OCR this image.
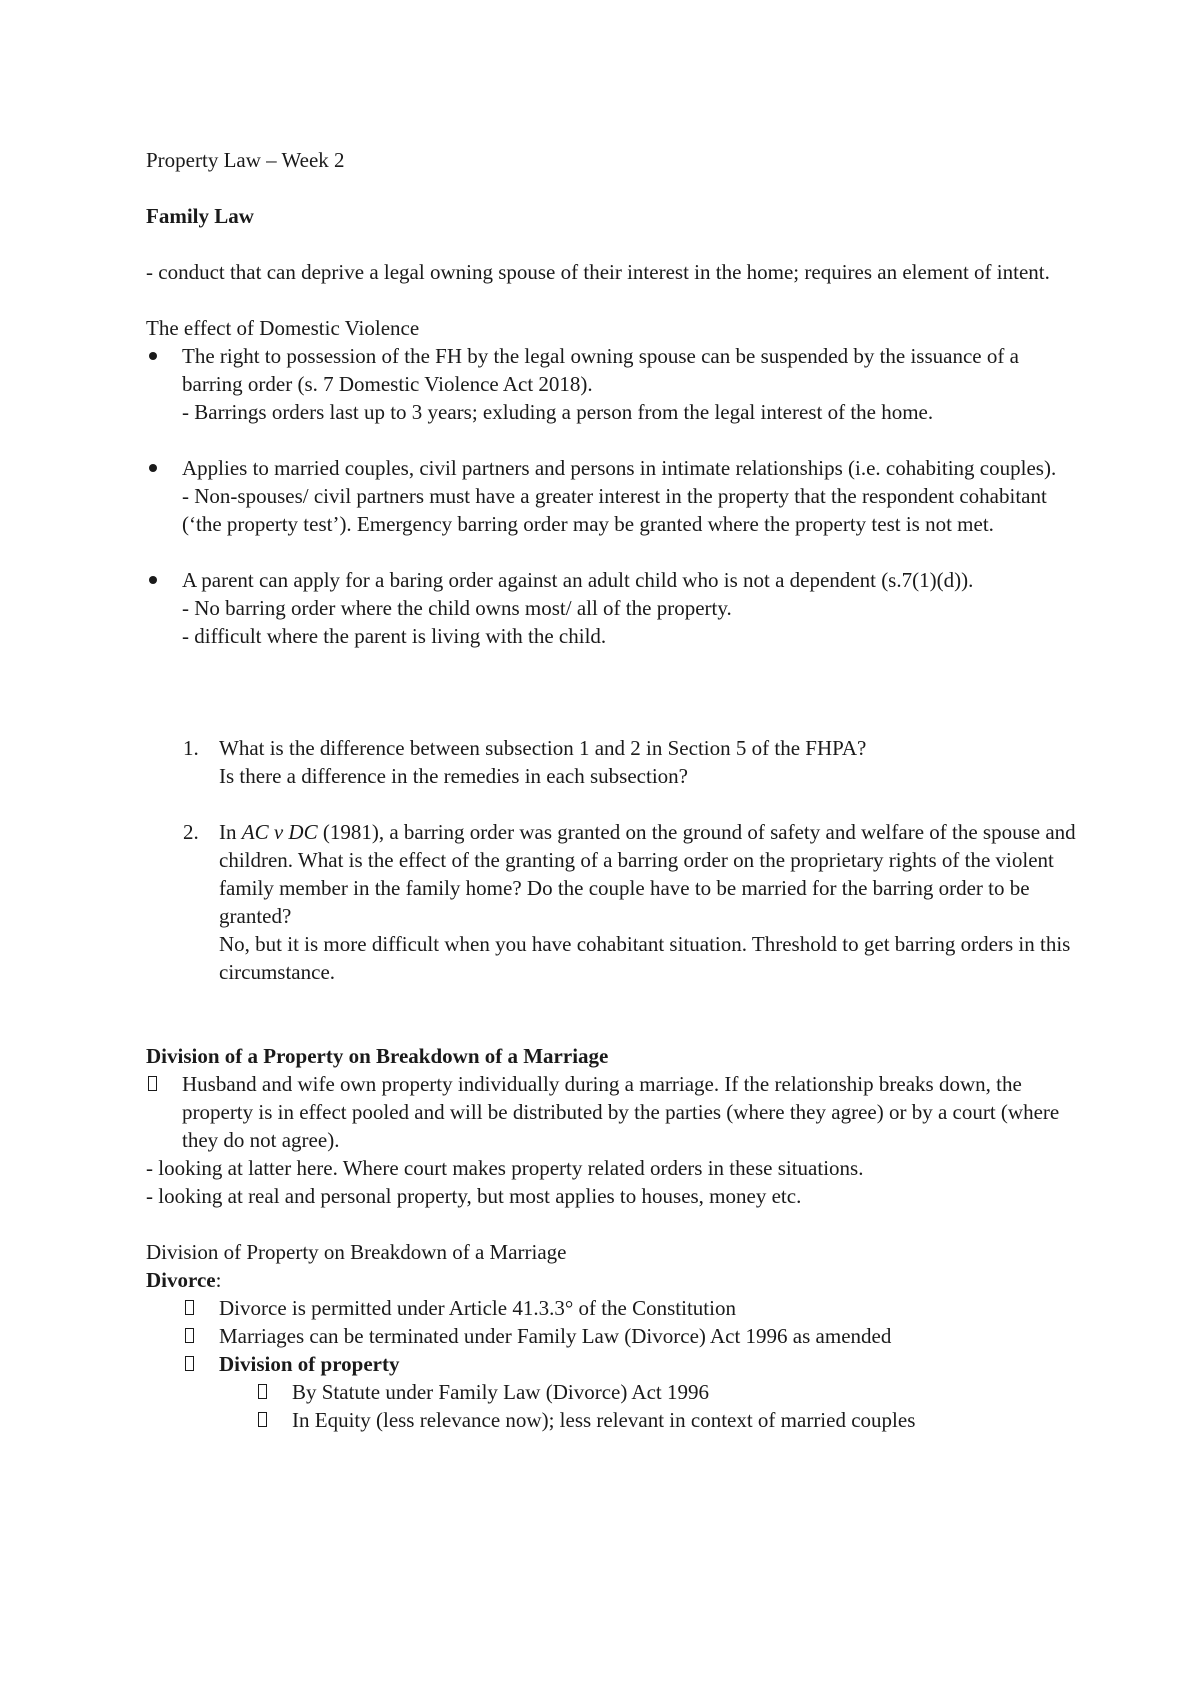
Property Law – Week 2

Family Law

- conduct that can deprive a legal owning spouse of their interest in the home; requires an element of intent.

The effect of Domestic Violence

The right to possession of the FH by the legal owning spouse can be suspended by the issuance of a barring order (s. 7 Domestic Violence Act 2018).

- Barrings orders last up to 3 years; exluding a person from the legal interest of the home.

Applies to married couples, civil partners and persons in intimate relationships (i.e. cohabiting couples).

- Non-spouses/ civil partners must have a greater interest in the property that the respondent cohabitant (‘the property test’). Emergency barring order may be granted where the property test is not met.

A parent can apply for a baring order against an adult child who is not a dependent (s.7(1)(d)).

- No barring order where the child owns most/ all of the property.

- difficult where the parent is living with the child.

1. What is the difference between subsection 1 and 2 in Section 5 of the FHPA?

Is there a difference in the remedies in each subsection?

2. In AC v DC (1981), a barring order was granted on the ground of safety and welfare of the spouse and children. What is the effect of the granting of a barring order on the proprietary rights of the violent family member in the family home? Do the couple have to be married for the barring order to be granted?

No, but it is more difficult when you have cohabitant situation. Threshold to get barring orders in this circumstance.

Division of a Property on Breakdown of a Marriage

Husband and wife own property individually during a marriage. If the relationship breaks down, the property is in effect pooled and will be distributed by the parties (where they agree) or by a court (where they do not agree).

- looking at latter here. Where court makes property related orders in these situations.

- looking at real and personal property, but most applies to houses, money etc.

Division of Property on Breakdown of a Marriage

Divorce:

Divorce is permitted under Article 41.3.3° of the Constitution

Marriages can be terminated under Family Law (Divorce) Act 1996 as amended

Division of property

By Statute under Family Law (Divorce) Act 1996

In Equity (less relevance now); less relevant in context of married couples
